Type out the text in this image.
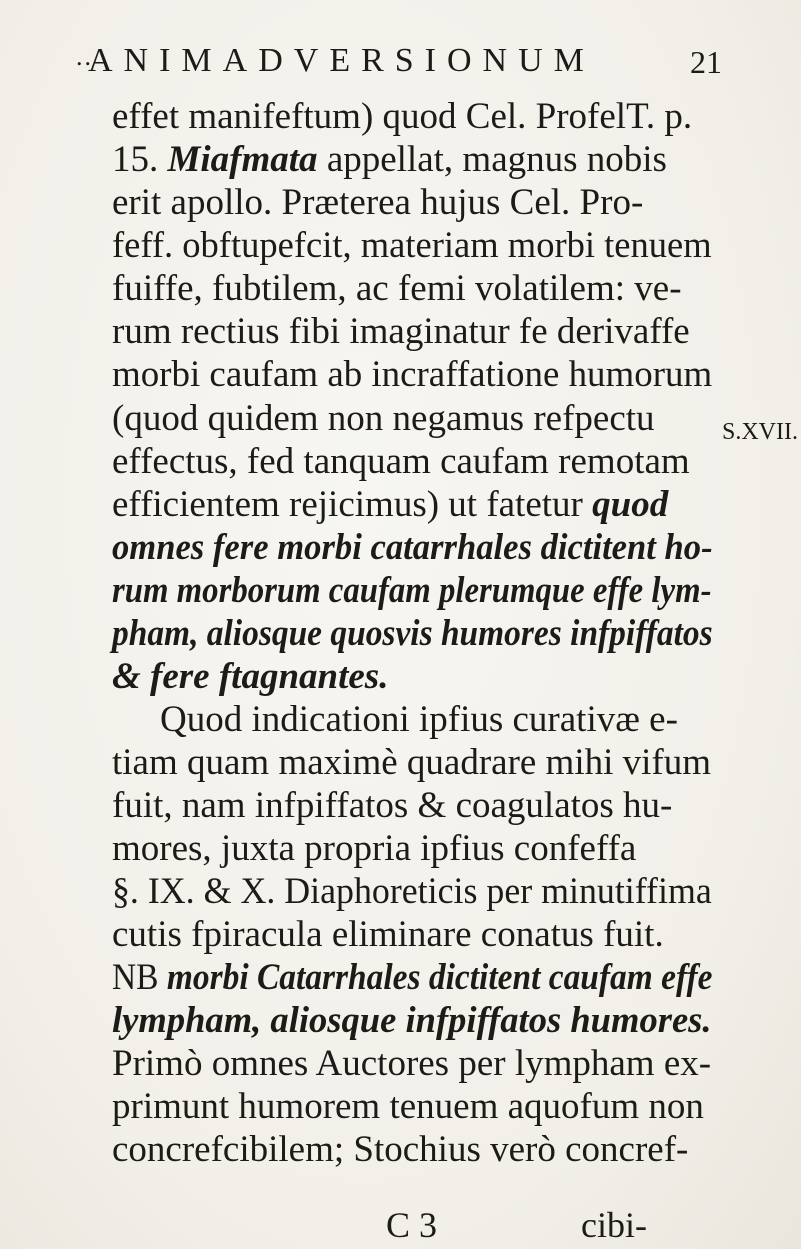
..
ANIMADVERSIONUM	21
effet manifeftum) quod Cel. ProfelT. p.
15. Miafmata appellat, magnus nobis
erit apollo. Præterea hujus Cel. Pro-
feff. obftupefcit, materiam morbi tenuem
fuiffe, fubtilem, ac femi volatilem: ve-
rum rectius fibi imaginatur fe derivaffe
morbi caufam ab incraffatione humorum
(quod quidem non negamus refpectu
effectus, fed tanquam caufam remotam
efficientem rejicimus) ut fatetur quod
omnes fere morbi catarrhales dictitent ho-
rum morborum caufam plerumque effe lym-
pham, aliosque quosvis humores infpiffatos
& fere ftagnantes.
Quod indicationi ipfius curativæ e-
tiam quam maximè quadrare mihi vifum
fuit, nam infpiffatos & coagulatos hu-
mores, juxta propria ipfius confeffa
§. IX. & X. Diaphoreticis per minutiffima
cutis fpiracula eliminare conatus fuit.
NB morbi Catarrhales dictitent caufam effe
lympham, aliosque infpiffatos humores.
Primò omnes Auctores per lympham ex-
primunt humorem tenuem aquofum non
concrefcibilem; Stochius verò concref-
S.XVII.
C 3	cibi-
